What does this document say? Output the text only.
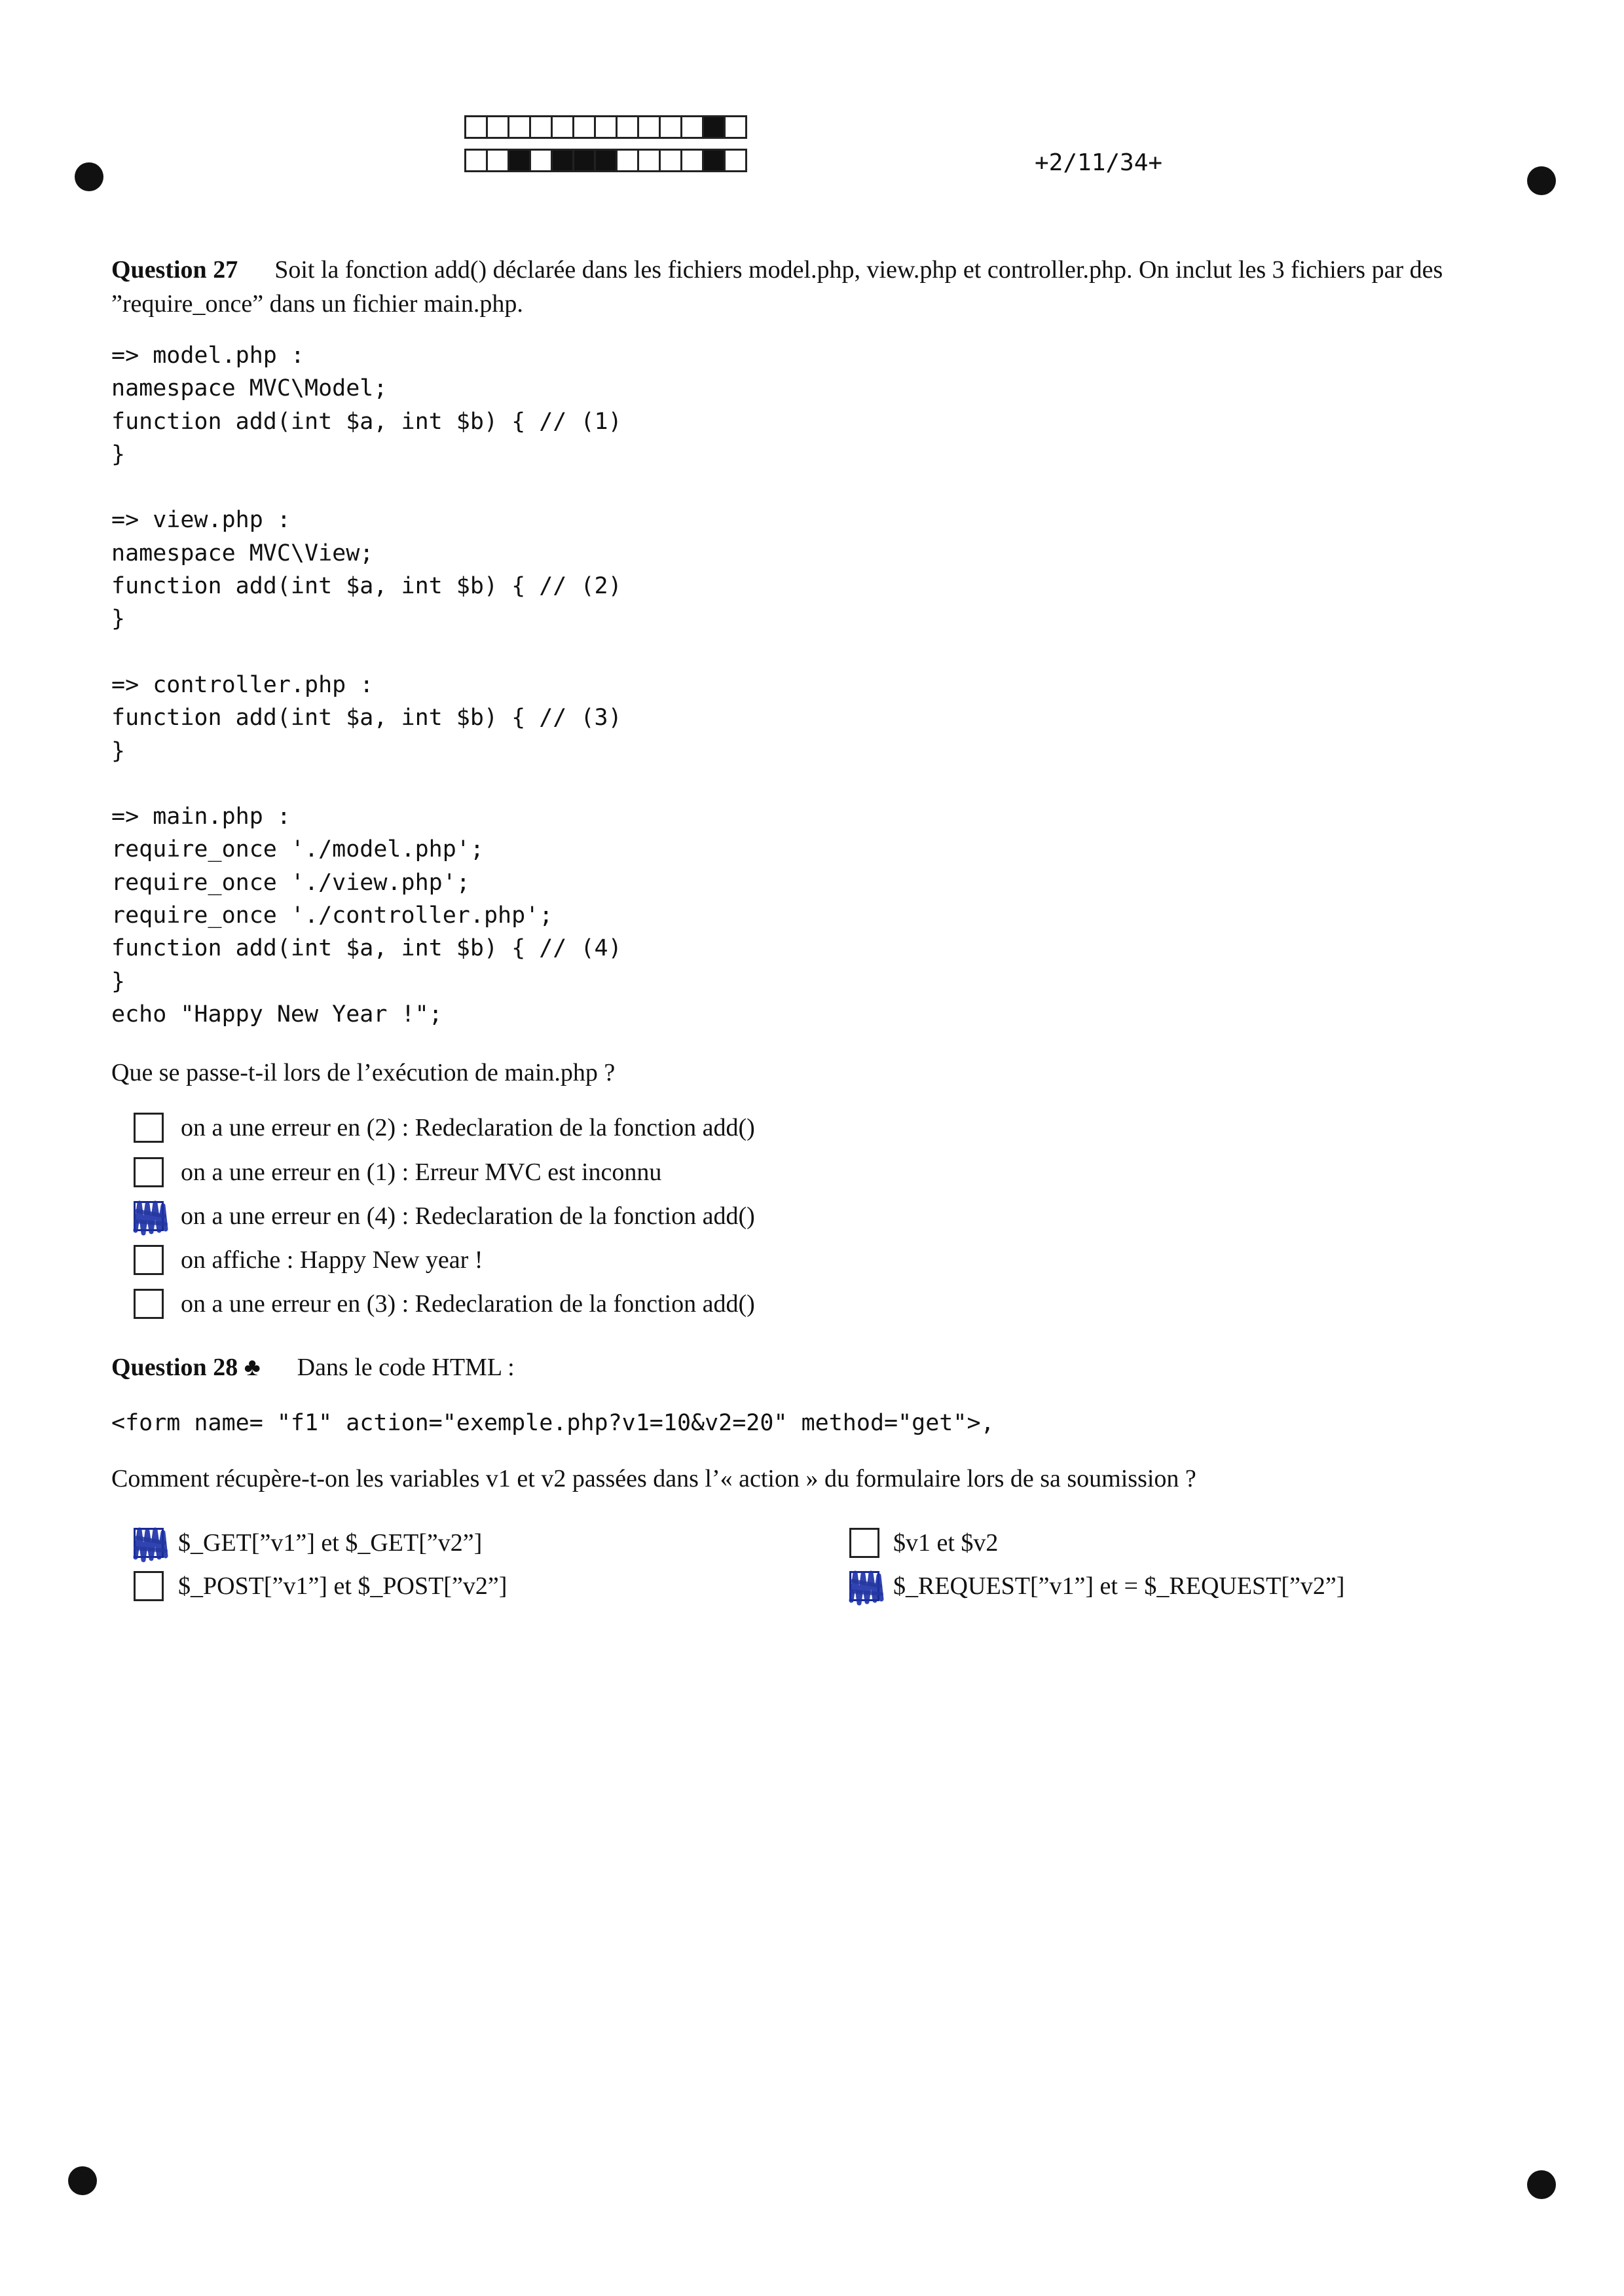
+2/11/34+
Question 27 Soit la fonction add() déclarée dans les fichiers model.php, view.php et controller.php. On inclut les 3 fichiers par des ”require_once” dans un fichier main.php.
=> model.php :
namespace MVC\Model;
function add(int $a, int $b) { // (1)
}

=> view.php :
namespace MVC\View;
function add(int $a, int $b) { // (2)
}

=> controller.php :
function add(int $a, int $b) { // (3)
}

=> main.php :
require_once './model.php';
require_once './view.php';
require_once './controller.php';
function add(int $a, int $b) { // (4)
}
echo "Happy New Year !";
Que se passe-t-il lors de l’exécution de main.php ?
on a une erreur en (2) : Redeclaration de la fonction add()
on a une erreur en (1) : Erreur MVC est inconnu
on a une erreur en (4) : Redeclaration de la fonction add()
on affiche : Happy New year !
on a une erreur en (3) : Redeclaration de la fonction add()
Question 28 ♣ Dans le code HTML :
<form name= "f1" action="exemple.php?v1=10&v2=20" method="get">,
Comment récupère-t-on les variables v1 et v2 passées dans l’« action » du formulaire lors de sa soumission ?
$_GET[”v1”] et $_GET[”v2”]
$_POST[”v1”] et $_POST[”v2”]
$v1 et $v2
$_REQUEST[”v1”] et = $_REQUEST[”v2”]
